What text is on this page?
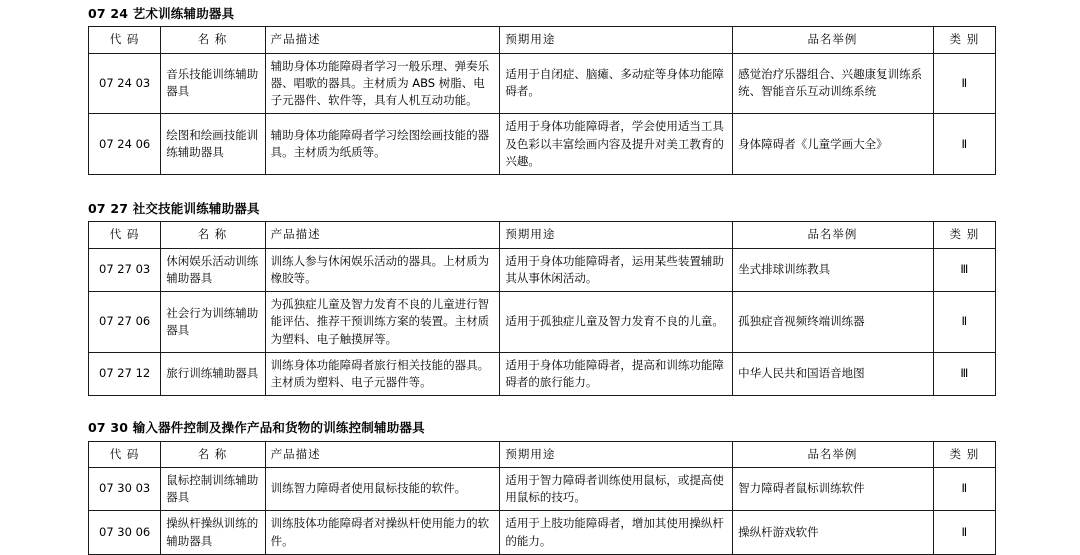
07 24 艺术训练辅助器具
代 码	名 称	产品描述	预期用途	品名举例	类 别
07 24 03	音乐技能训练辅助器具	辅助身体功能障碍者学习一般乐理、弹奏乐器、唱歌的器具。主材质为 ABS 树脂、电子元器件、软件等，具有人机互动功能。	适用于自闭症、脑瘫、多动症等身体功能障碍者。	感觉治疗乐器组合、兴趣康复训练系统、智能音乐互动训练系统	Ⅱ
07 24 06	绘图和绘画技能训练辅助器具	辅助身体功能障碍者学习绘图绘画技能的器具。主材质为纸质等。	适用于身体功能障碍者，学会使用适当工具及色彩以丰富绘画内容及提升对美工教育的兴趣。	身体障碍者《儿童学画大全》	Ⅱ
07 27 社交技能训练辅助器具
代 码	名 称	产品描述	预期用途	品名举例	类 别
07 27 03	休闲娱乐活动训练辅助器具	训练人参与休闲娱乐活动的器具。上材质为橡胶等。	适用于身体功能障碍者，运用某些装置辅助其从事休闲活动。	坐式排球训练教具	Ⅲ
07 27 06	社会行为训练辅助器具	为孤独症儿童及智力发育不良的儿童进行智能评估、推荐干预训练方案的装置。主材质为塑料、电子触摸屏等。	适用于孤独症儿童及智力发育不良的儿童。	孤独症音视频终端训练器	Ⅱ
07 27 12	旅行训练辅助器具	训练身体功能障碍者旅行相关技能的器具。主材质为塑料、电子元器件等。	适用于身体功能障碍者，提高和训练功能障碍者的旅行能力。	中华人民共和国语音地图	Ⅲ
07 30 输入器件控制及操作产品和货物的训练控制辅助器具
代 码	名 称	产品描述	预期用途	品名举例	类 别
07 30 03	鼠标控制训练辅助器具	训练智力障碍者使用鼠标技能的软件。	适用于智力障碍者训练使用鼠标，或提高使用鼠标的技巧。	智力障碍者鼠标训练软件	Ⅱ
07 30 06	操纵杆操纵训练的辅助器具	训练肢体功能障碍者对操纵杆使用能力的软件。	适用于上肢功能障碍者，增加其使用操纵杆的能力。	操纵杆游戏软件	Ⅱ
